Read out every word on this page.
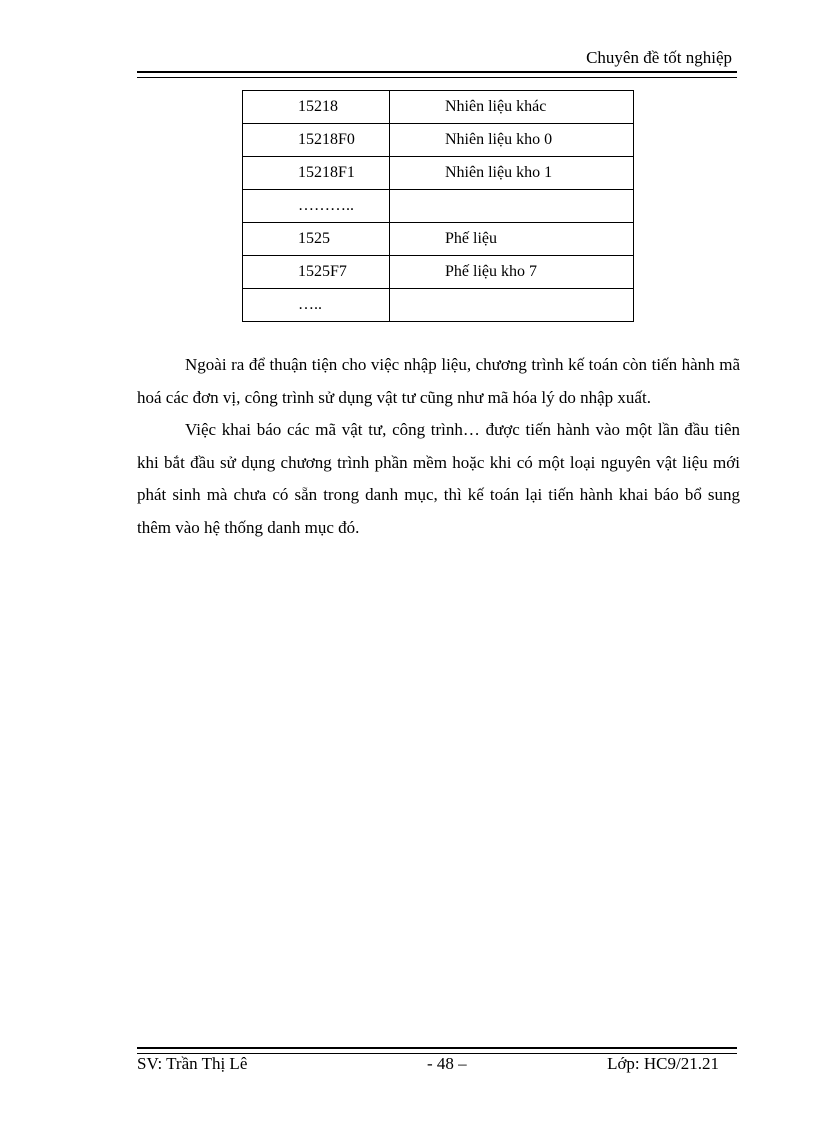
Chuyên đề tốt nghiệp
15218	Nhiên liệu khác
15218F0	Nhiên liệu kho 0
15218F1	Nhiên liệu kho 1
………..	
1525	Phế liệu
1525F7	Phế liệu kho 7
…..	

Ngoài ra để thuận tiện cho việc nhập liệu, chương trình kế toán còn tiến hành mã hoá các đơn vị, công trình sử dụng vật tư cũng như mã hóa lý do nhập xuất.

Việc khai báo các mã vật tư, công trình… được tiến hành vào một lần đầu tiên khi bắt đầu sử dụng chương trình phần mềm hoặc khi có một loại nguyên vật liệu mới phát sinh mà chưa có sẵn trong danh mục, thì kế toán lại tiến hành khai báo bổ sung thêm vào hệ thống danh mục đó.

SV: Trần Thị Lê	- 48 –	Lớp: HC9/21.21
